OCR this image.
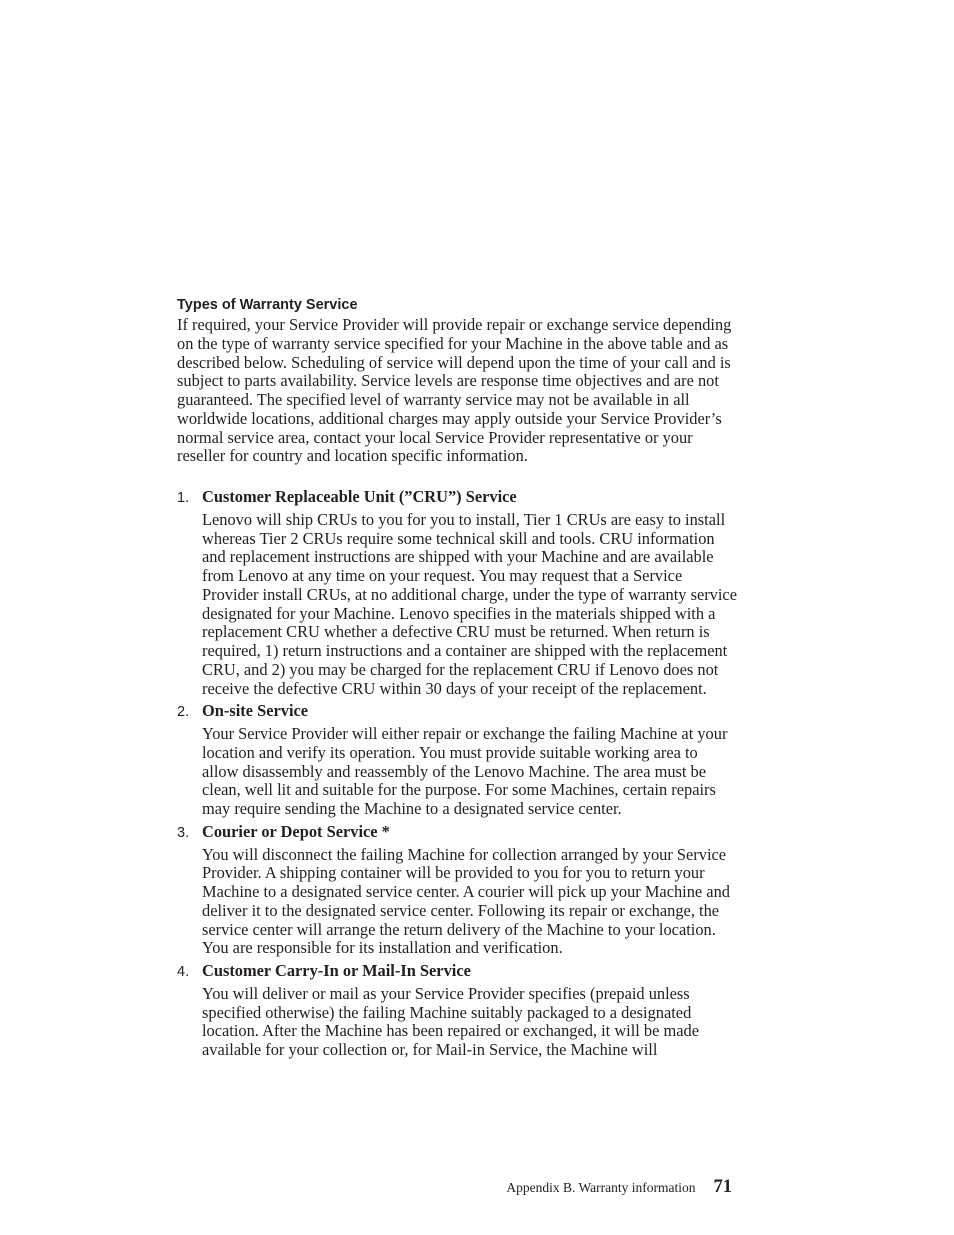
Types of Warranty Service

If required, your Service Provider will provide repair or exchange service depending on the type of warranty service specified for your Machine in the above table and as described below. Scheduling of service will depend upon the time of your call and is subject to parts availability. Service levels are response time objectives and are not guaranteed. The specified level of warranty service may not be available in all worldwide locations, additional charges may apply outside your Service Provider’s normal service area, contact your local Service Provider representative or your reseller for country and location specific information.

1. Customer Replaceable Unit (”CRU”) Service
Lenovo will ship CRUs to you for you to install, Tier 1 CRUs are easy to install whereas Tier 2 CRUs require some technical skill and tools. CRU information and replacement instructions are shipped with your Machine and are available from Lenovo at any time on your request. You may request that a Service Provider install CRUs, at no additional charge, under the type of warranty service designated for your Machine. Lenovo specifies in the materials shipped with a replacement CRU whether a defective CRU must be returned. When return is required, 1) return instructions and a container are shipped with the replacement CRU, and 2) you may be charged for the replacement CRU if Lenovo does not receive the defective CRU within 30 days of your receipt of the replacement.
2. On-site Service
Your Service Provider will either repair or exchange the failing Machine at your location and verify its operation. You must provide suitable working area to allow disassembly and reassembly of the Lenovo Machine. The area must be clean, well lit and suitable for the purpose. For some Machines, certain repairs may require sending the Machine to a designated service center.
3. Courier or Depot Service *
You will disconnect the failing Machine for collection arranged by your Service Provider. A shipping container will be provided to you for you to return your Machine to a designated service center. A courier will pick up your Machine and deliver it to the designated service center. Following its repair or exchange, the service center will arrange the return delivery of the Machine to your location. You are responsible for its installation and verification.
4. Customer Carry-In or Mail-In Service
You will deliver or mail as your Service Provider specifies (prepaid unless specified otherwise) the failing Machine suitably packaged to a designated location. After the Machine has been repaired or exchanged, it will be made available for your collection or, for Mail-in Service, the Machine will
Appendix B. Warranty information 71
